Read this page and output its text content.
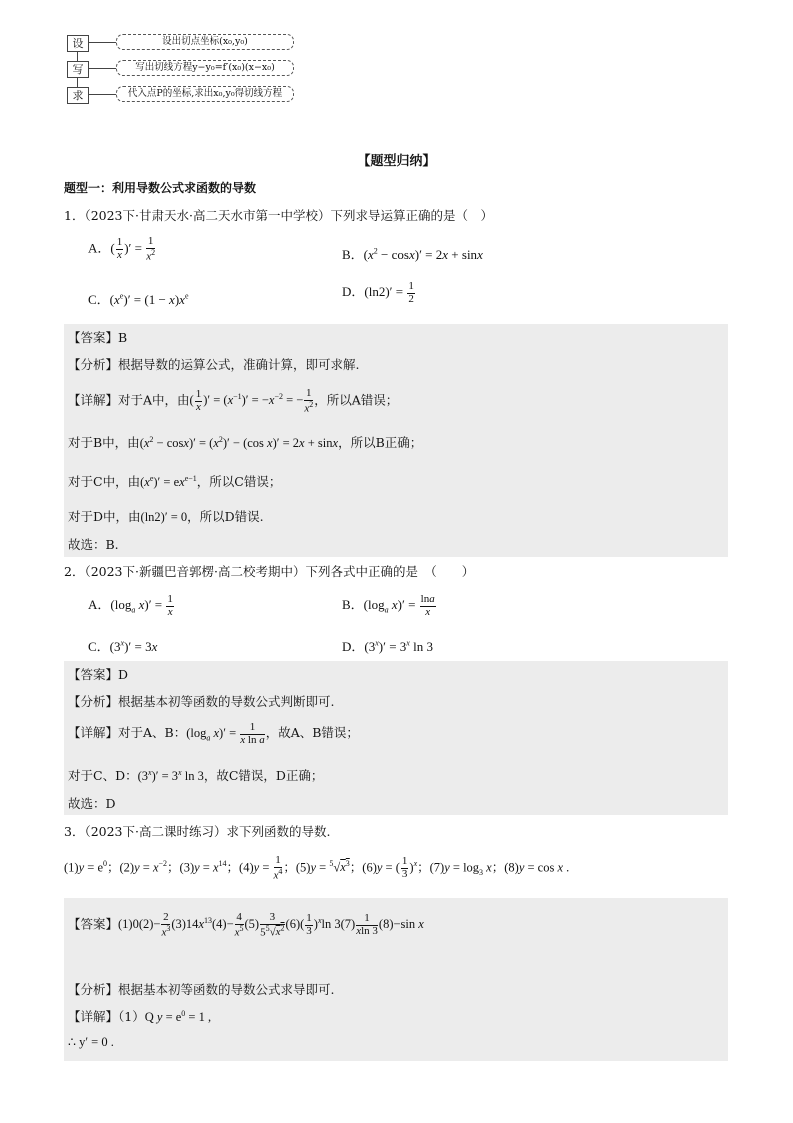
设	设出切点坐标(x₀,y₀)
写	写出切线方程y−y₀=f′(x₀)(x−x₀)
求	代入点P的坐标,求出x₀,y₀得切线方程
【题型归纳】
题型一：利用导数公式求函数的导数
1．（2023下·甘肃天水·高二天水市第一中学校）下列求导运算正确的是（　）
A．( $\frac{1}{x}$ )′ = $\frac{1}{x^2}$	B．$(x^2 - \cos x)' = 2x + \sin x$
C．$(x^e)' = (1 - x)x^e$	D．$(\ln 2)' = \frac{1}{2}$
【答案】B
【分析】根据导数的运算公式，准确计算，即可求解.
【详解】对于A中，由( $\frac{1}{x}$ )′ = $(x^{-1})' = -x^{-2}$ = − $\frac{1}{x^2}$ ，所以A错误；
对于B中，由$(x^2 - \cos x)' = (x^2)' - (\cos$ x)′ = 2x + sinx，所以B正确；
对于C中，由$(x^e)' = ex^{e-1}$，所以C错误；
对于D中，由(ln2)′ = 0，所以D错误.
故选：B.
2．（2023下·新疆巴音郭楞·高二校考期中）下列各式中正确的是　（　　）
A．($\log_a$ $x)' = \frac{1}{x}$	B．($\log_a$ $x)' = \frac{\ln a}{x}$
C．$(3^x)' = 3x$	D．$(3^x)' = 3^x$ ln 3
【答案】D
【分析】根据基本初等函数的导数公式判断即可.
【详解】对于A、B：($\log_a$ $x)' = \frac{1}{\text{x ln a}}$ ，故A、B错误；
对于C、D：$(3^x)' = 3^x$ ln 3，故C错误，D正确；
故选：D
3．（2023下·高二课时练习）求下列函数的导数.
$(1)y = e^0$；$(2)y = x^{-2}$；$(3)y = x^{14}$；$(4)y = \frac{1}{x^4}$ ；$(5)y = ^5√x^3$；(6)y = ( $\frac{1}{3} )^x$；$(7)y = \log_3 x$；(8)y = cos x .
【答案】$(1)0(2)- \frac{2}{x^3} (3)14x^{13}(4)- \frac{4}{x^5} (5) \frac{3}{5^5√x^2} (6)( \frac{1}{3} )^x\ln$ $3(7) \frac{1}{xln 3} (8)-\sin$ x
【分析】根据基本初等函数的导数公式求导即可.
【详解】（1）Q $y = e^0 = 1$ ,
∴ y′ = 0 .
